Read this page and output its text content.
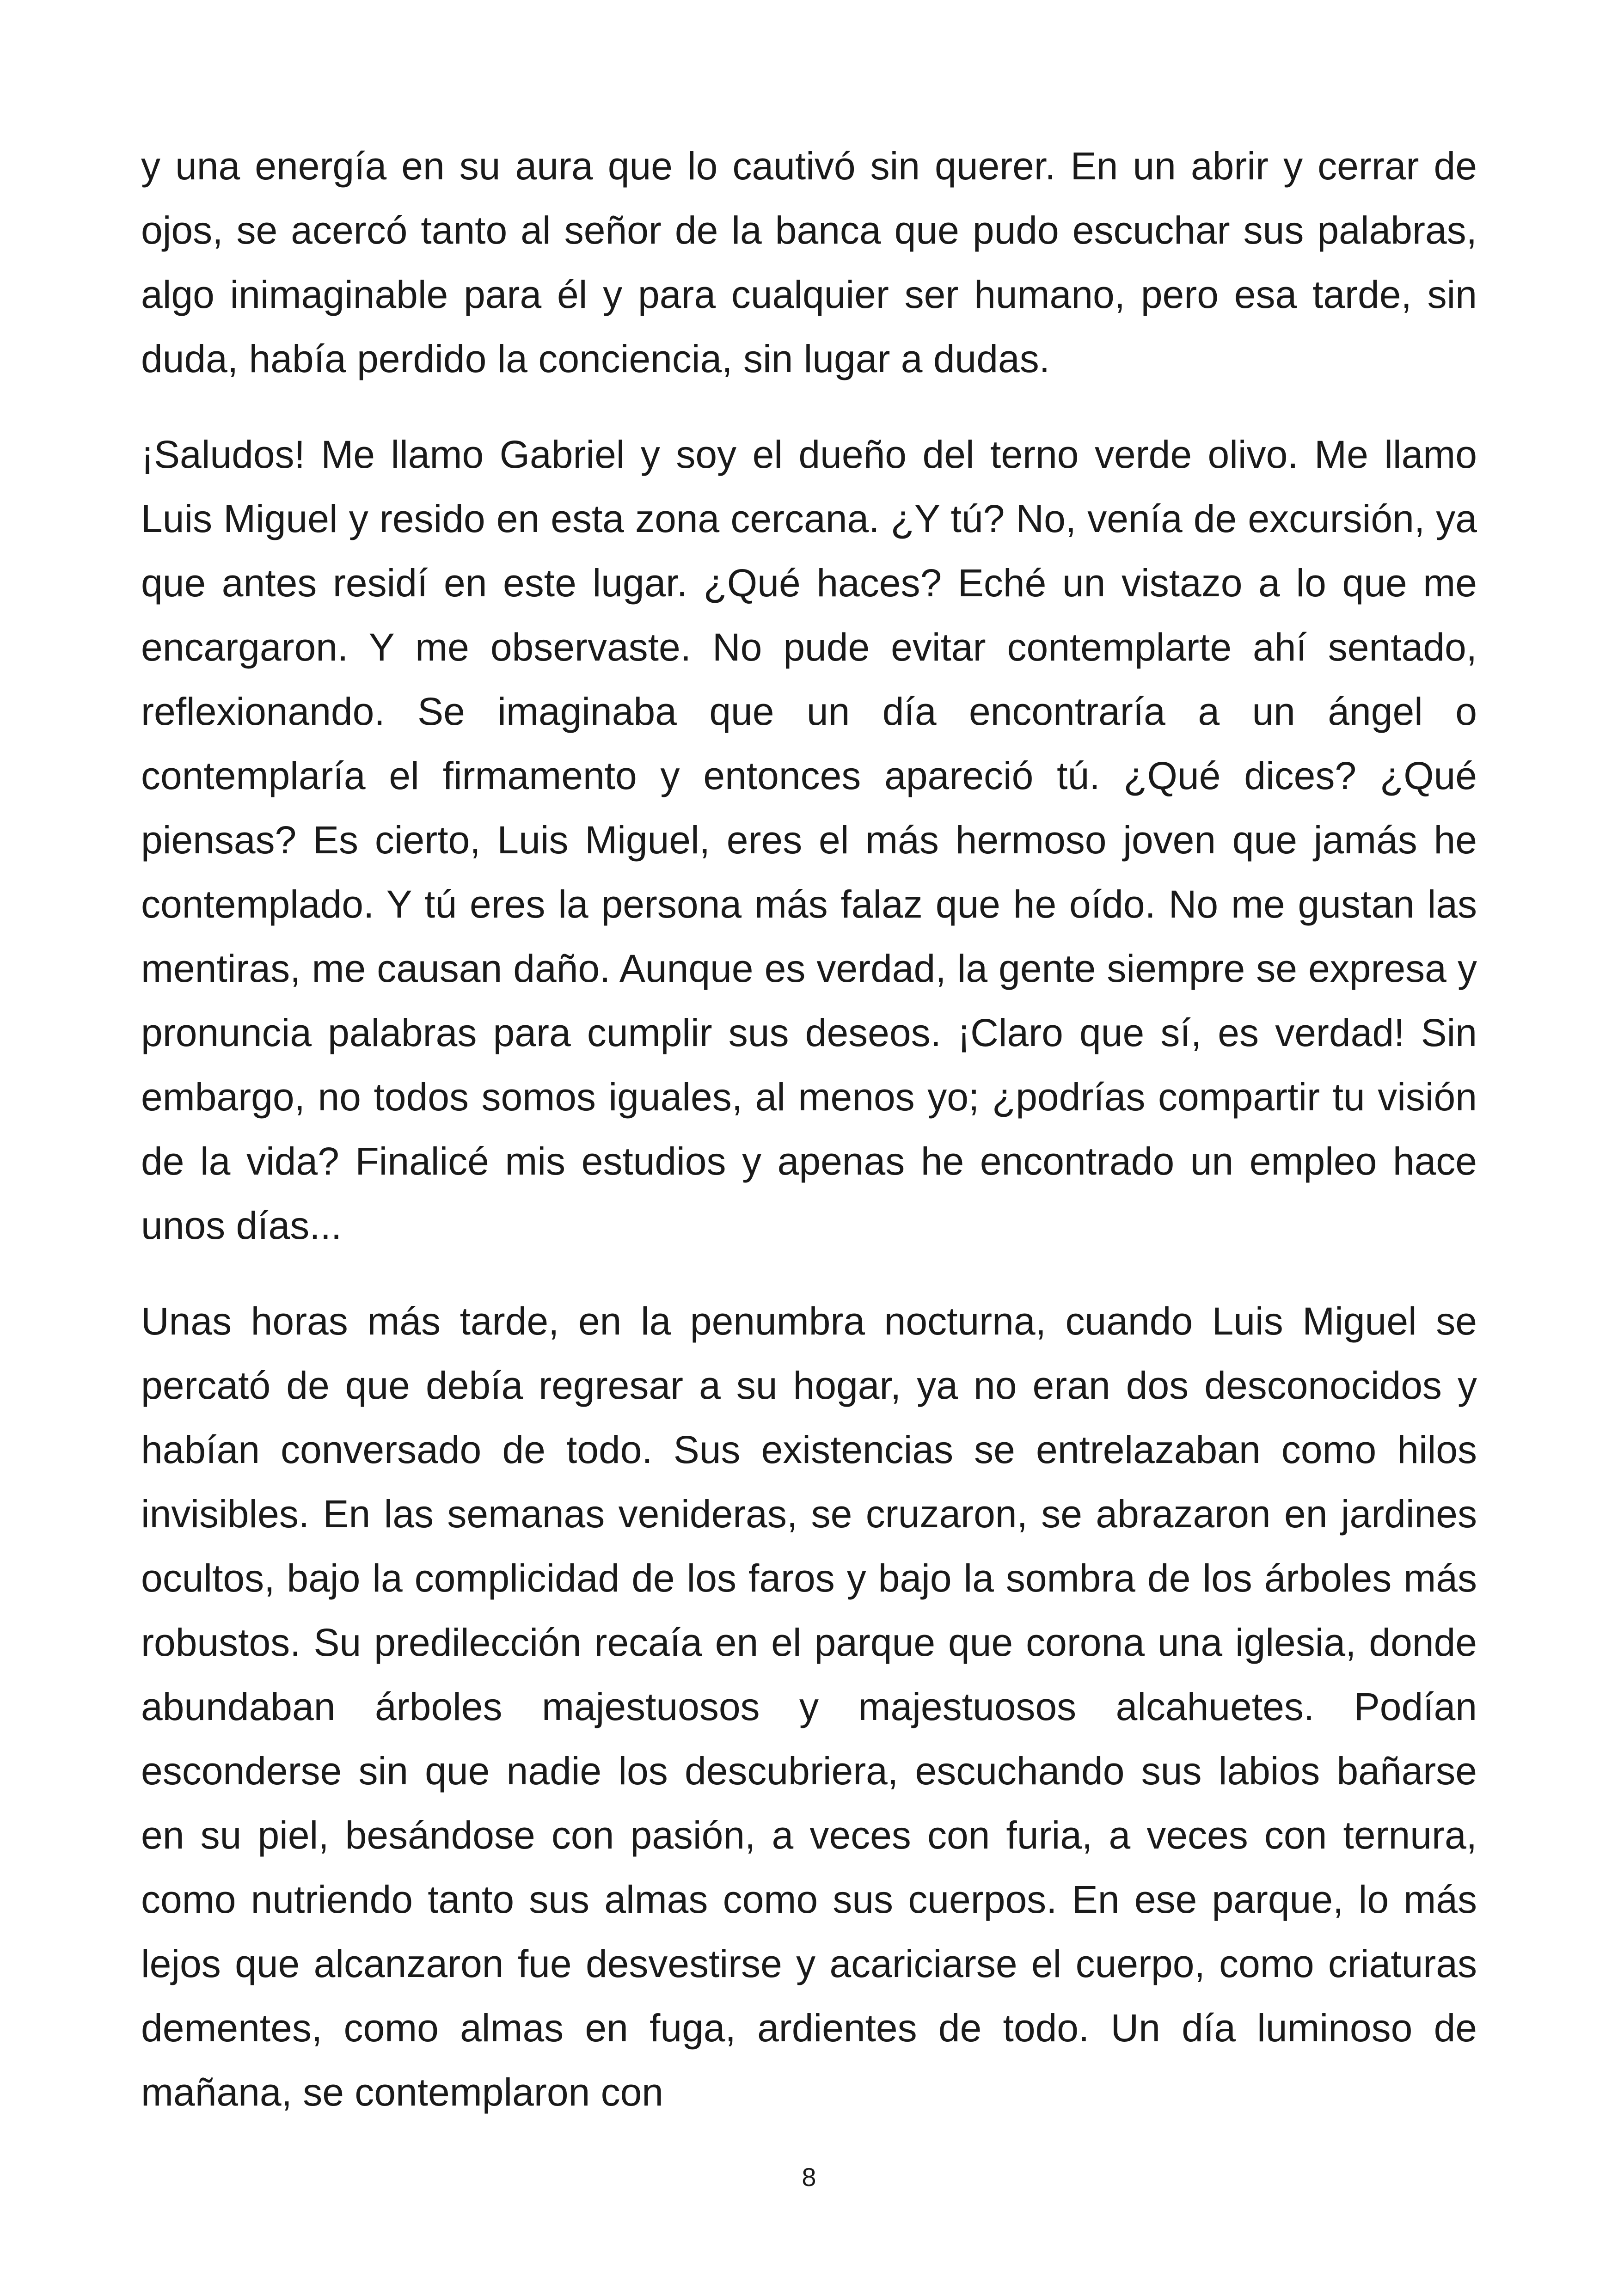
y una energía en su aura que lo cautivó sin querer. En un abrir y cerrar de ojos, se acercó tanto al señor de la banca que pudo escuchar sus palabras, algo inimaginable para él y para cualquier ser humano, pero esa tarde, sin duda, había perdido la conciencia, sin lugar a dudas.

¡Saludos! Me llamo Gabriel y soy el dueño del terno verde olivo. Me llamo Luis Miguel y resido en esta zona cercana. ¿Y tú? No, venía de excursión, ya que antes residí en este lugar. ¿Qué haces? Eché un vistazo a lo que me encargaron. Y me observaste. No pude evitar contemplarte ahí sentado, reflexionando. Se imaginaba que un día encontraría a un ángel o contemplaría el firmamento y entonces apareció tú. ¿Qué dices? ¿Qué piensas? Es cierto, Luis Miguel, eres el más hermoso joven que jamás he contemplado. Y tú eres la persona más falaz que he oído. No me gustan las mentiras, me causan daño. Aunque es verdad, la gente siempre se expresa y pronuncia palabras para cumplir sus deseos. ¡Claro que sí, es verdad! Sin embargo, no todos somos iguales, al menos yo; ¿podrías compartir tu visión de la vida? Finalicé mis estudios y apenas he encontrado un empleo hace unos días...

Unas horas más tarde, en la penumbra nocturna, cuando Luis Miguel se percató de que debía regresar a su hogar, ya no eran dos desconocidos y habían conversado de todo. Sus existencias se entrelazaban como hilos invisibles. En las semanas venideras, se cruzaron, se abrazaron en jardines ocultos, bajo la complicidad de los faros y bajo la sombra de los árboles más robustos. Su predilección recaía en el parque que corona una iglesia, donde abundaban árboles majestuosos y majestuosos alcahuetes. Podían esconderse sin que nadie los descubriera, escuchando sus labios bañarse en su piel, besándose con pasión, a veces con furia, a veces con ternura, como nutriendo tanto sus almas como sus cuerpos. En ese parque, lo más lejos que alcanzaron fue desvestirse y acariciarse el cuerpo, como criaturas dementes, como almas en fuga, ardientes de todo. Un día luminoso de mañana, se contemplaron con

8
